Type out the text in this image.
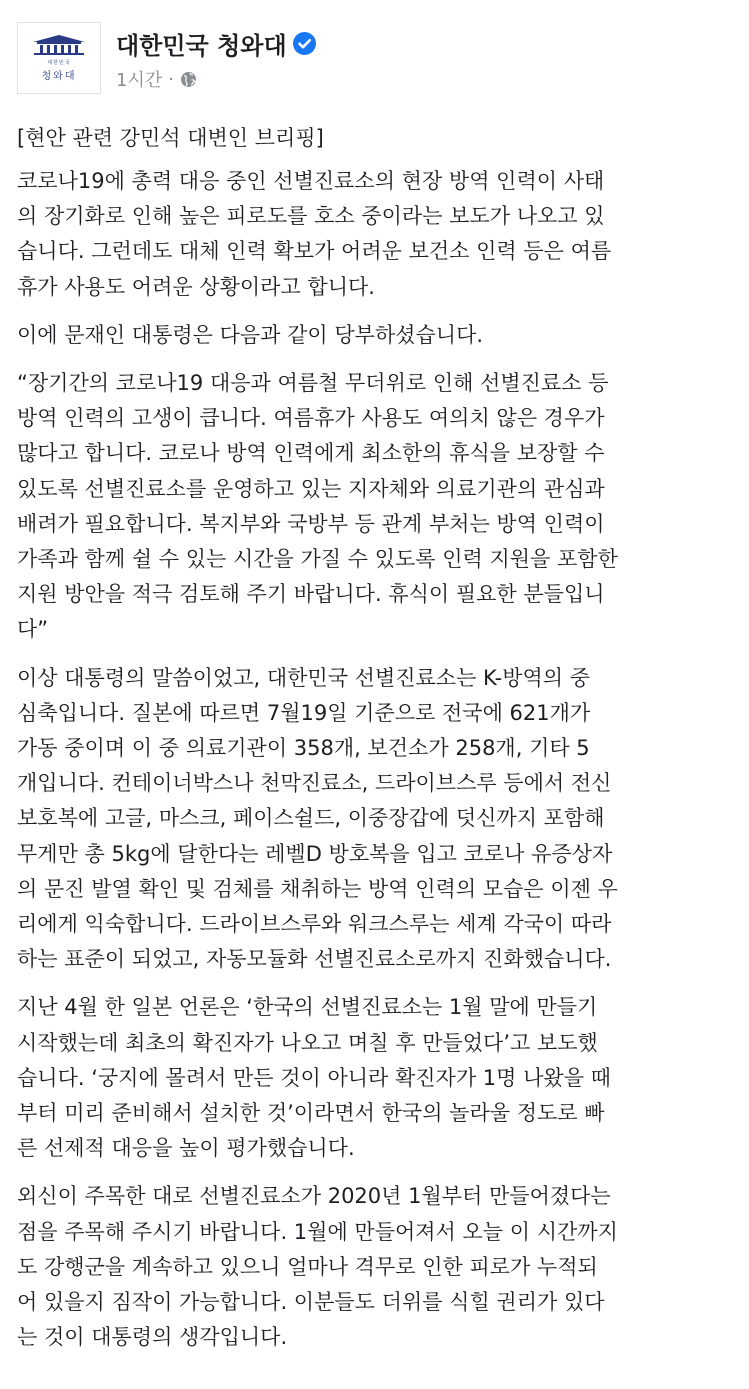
대한민국
청와대
대한민국 청와대
1시간 ·
[현안 관련 강민석 대변인 브리핑]
코로나19에 총력 대응 중인 선별진료소의 현장 방역 인력이 사태
의 장기화로 인해 높은 피로도를 호소 중이라는 보도가 나오고 있
습니다. 그런데도 대체 인력 확보가 어려운 보건소 인력 등은 여름
휴가 사용도 어려운 상황이라고 합니다.
이에 문재인 대통령은 다음과 같이 당부하셨습니다.
“장기간의 코로나19 대응과 여름철 무더위로 인해 선별진료소 등
방역 인력의 고생이 큽니다. 여름휴가 사용도 여의치 않은 경우가
많다고 합니다. 코로나 방역 인력에게 최소한의 휴식을 보장할 수
있도록 선별진료소를 운영하고 있는 지자체와 의료기관의 관심과
배려가 필요합니다. 복지부와 국방부 등 관계 부처는 방역 인력이
가족과 함께 쉴 수 있는 시간을 가질 수 있도록 인력 지원을 포함한
지원 방안을 적극 검토해 주기 바랍니다. 휴식이 필요한 분들입니
다”
이상 대통령의 말씀이었고, 대한민국 선별진료소는 K-방역의 중
심축입니다. 질본에 따르면 7월19일 기준으로 전국에 621개가
가동 중이며 이 중 의료기관이 358개, 보건소가 258개, 기타 5
개입니다. 컨테이너박스나 천막진료소, 드라이브스루 등에서 전신
보호복에 고글, 마스크, 페이스쉴드, 이중장갑에 덧신까지 포함해
무게만 총 5kg에 달한다는 레벨D 방호복을 입고 코로나 유증상자
의 문진 발열 확인 및 검체를 채취하는 방역 인력의 모습은 이젠 우
리에게 익숙합니다. 드라이브스루와 워크스루는 세계 각국이 따라
하는 표준이 되었고, 자동모듈화 선별진료소로까지 진화했습니다.
지난 4월 한 일본 언론은 ‘한국의 선별진료소는 1월 말에 만들기
시작했는데 최초의 확진자가 나오고 며칠 후 만들었다’고 보도했
습니다. ‘궁지에 몰려서 만든 것이 아니라 확진자가 1명 나왔을 때
부터 미리 준비해서 설치한 것’이라면서 한국의 놀라울 정도로 빠
른 선제적 대응을 높이 평가했습니다.
외신이 주목한 대로 선별진료소가 2020년 1월부터 만들어졌다는
점을 주목해 주시기 바랍니다. 1월에 만들어져서 오늘 이 시간까지
도 강행군을 계속하고 있으니 얼마나 격무로 인한 피로가 누적되
어 있을지 짐작이 가능합니다. 이분들도 더위를 식힐 권리가 있다
는 것이 대통령의 생각입니다.
